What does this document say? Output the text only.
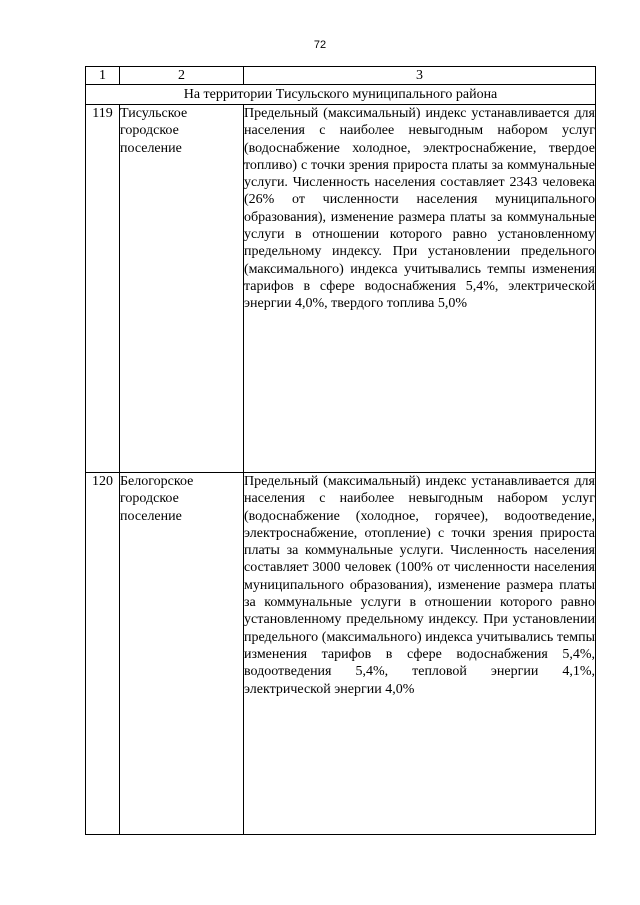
72
1	2	3
На территории Тисульского муниципального района		
119	Тисульское городское поселение	Предельный (максимальный) индекс устанавливается для населения с наиболее невыгодным набором услуг (водоснабжение холодное, электроснабжение, твердое топливо) с точки зрения прироста платы за коммунальные услуги. Численность населения составляет 2343 человека (26% от численности населения муниципального образования), изменение размера платы за коммунальные услуги в отношении которого равно установленному предельному индексу. При установлении предельного (максимального) индекса учитывались темпы изменения тарифов в сфере водоснабжения 5,4%, электрической энергии 4,0%, твердого топлива 5,0%
120	Белогорское городское поселение	Предельный (максимальный) индекс устанавливается для населения с наиболее невыгодным набором услуг (водоснабжение (холодное, горячее), водоотведение, электроснабжение, отопление) с точки зрения прироста платы за коммунальные услуги. Численность населения составляет 3000 человек (100% от численности населения муниципального образования), изменение размера платы за коммунальные услуги в отношении которого равно установленному предельному индексу. При установлении предельного (максимального) индекса учитывались темпы изменения тарифов в сфере водоснабжения 5,4%, водоотведения 5,4%, тепловой энергии 4,1%, электрической энергии 4,0%
